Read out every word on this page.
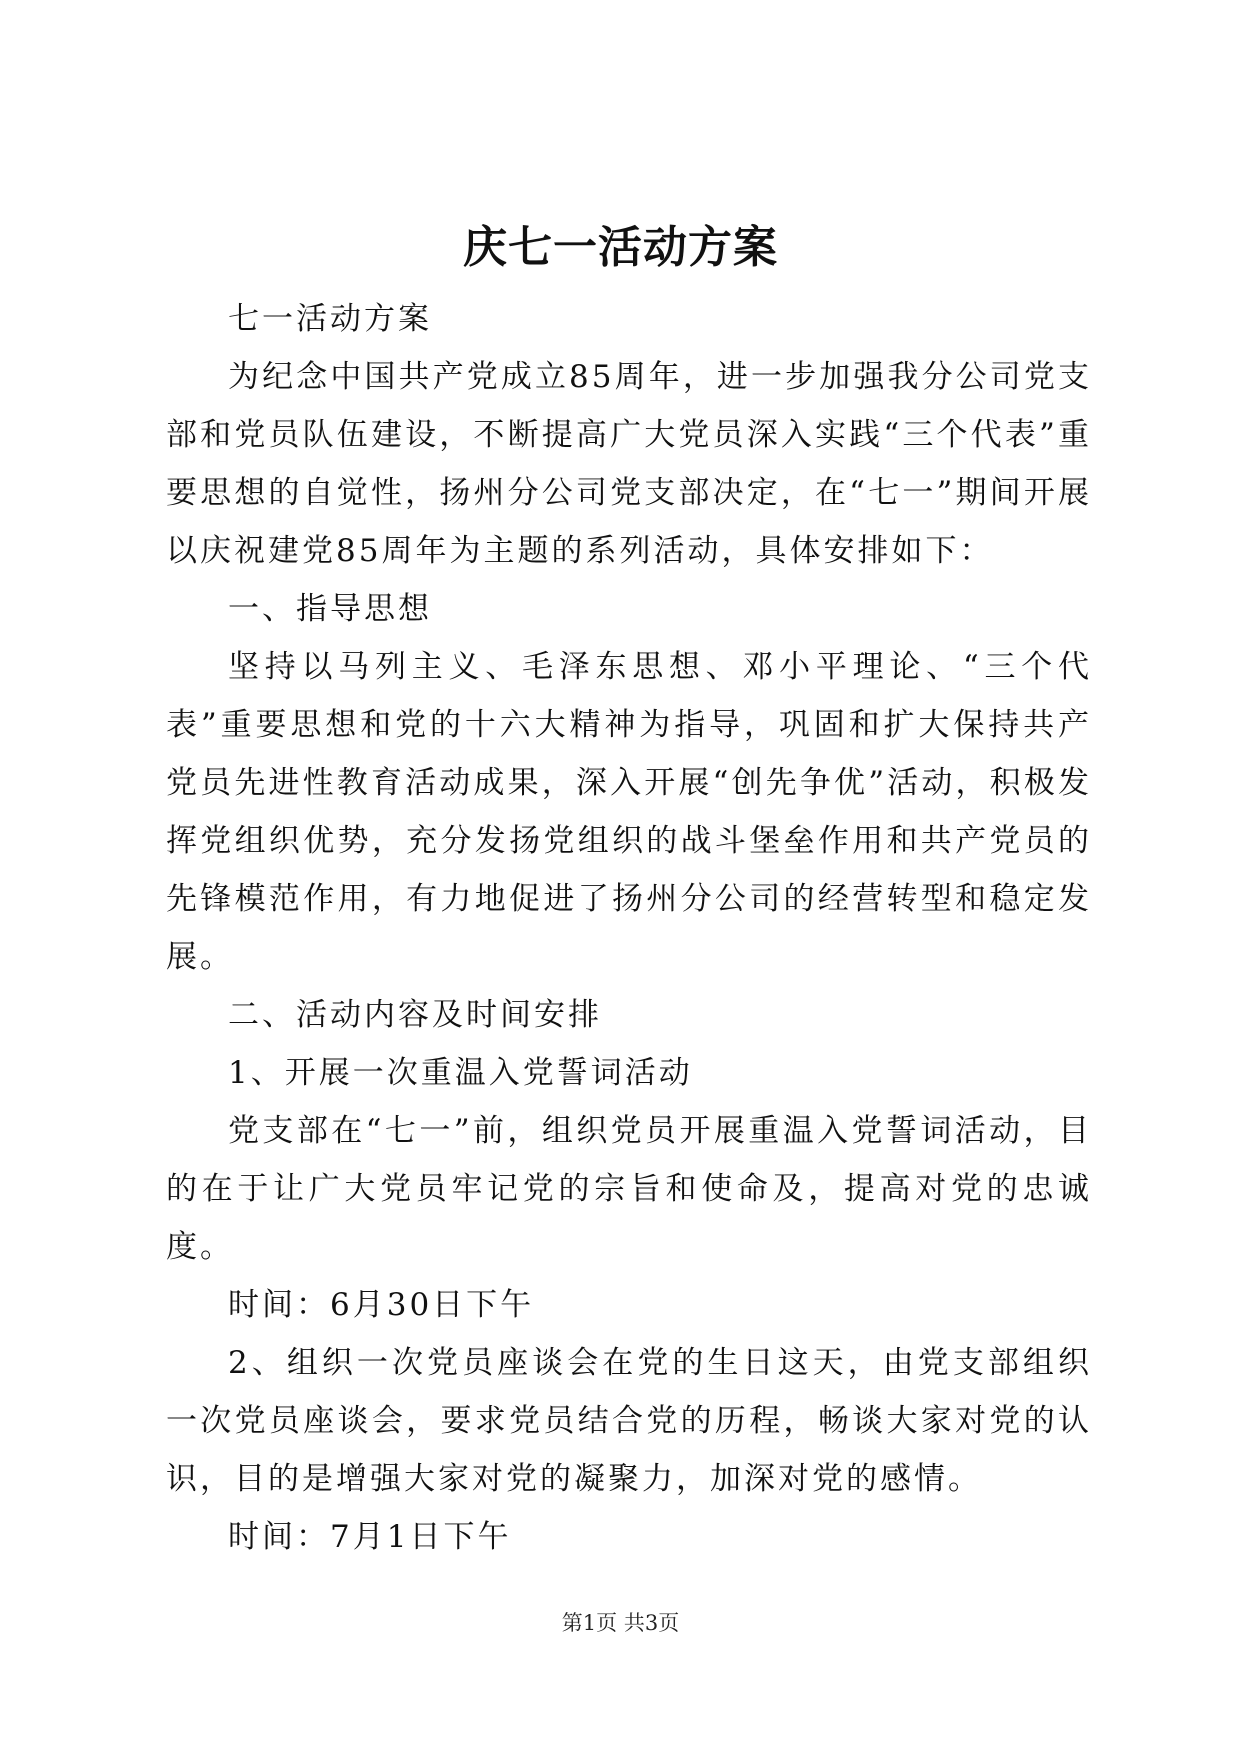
庆七一活动方案

七一活动方案

为纪念中国共产党成立85周年，进一步加强我分公司党支部和党员队伍建设，不断提高广大党员深入实践“三个代表”重要思想的自觉性，扬州分公司党支部决定，在“七一”期间开展以庆祝建党85周年为主题的系列活动，具体安排如下：

一、指导思想

坚持以马列主义、毛泽东思想、邓小平理论、“三个代表”重要思想和党的十六大精神为指导，巩固和扩大保持共产党员先进性教育活动成果，深入开展“创先争优”活动，积极发挥党组织优势，充分发扬党组织的战斗堡垒作用和共产党员的先锋模范作用，有力地促进了扬州分公司的经营转型和稳定发展。

二、活动内容及时间安排

1、开展一次重温入党誓词活动

党支部在“七一”前，组织党员开展重温入党誓词活动，目的在于让广大党员牢记党的宗旨和使命及，提高对党的忠诚度。

时间：6月30日下午

2、组织一次党员座谈会在党的生日这天，由党支部组织一次党员座谈会，要求党员结合党的历程，畅谈大家对党的认识，目的是增强大家对党的凝聚力，加深对党的感情。

时间：7月1日下午

第1页 共3页
